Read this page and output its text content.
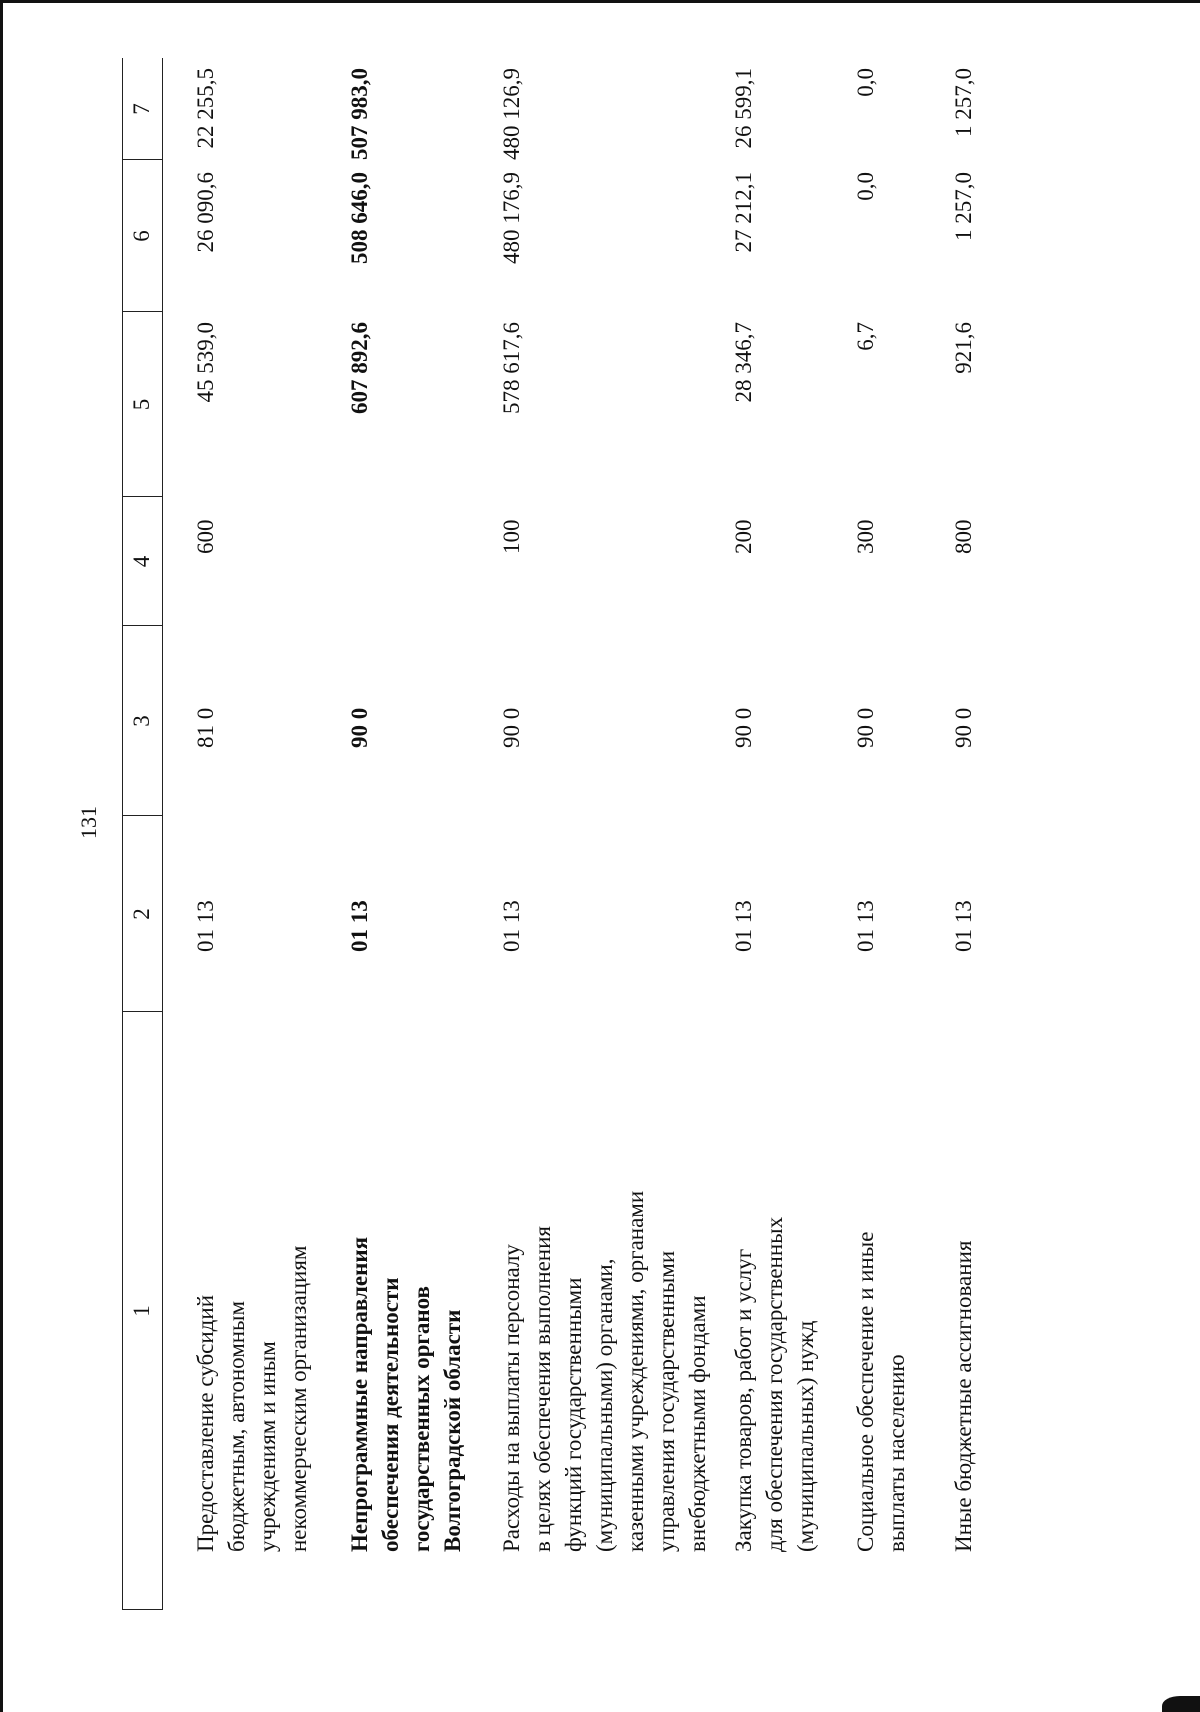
131
1
2
3
4
5
6
7
Предоставление субсидий
бюджетным, автономным
учреждениям и иным
некоммерческим организациям
01 13
81 0
600
Непрограммные направления
обеспечения деятельности
государственных органов
Волгоградской области
01 13
90 0
Расходы на выплаты персоналу
в целях обеспечения выполнения
функций государственными
(муниципальными) органами,
казенными учреждениями, органами
управления государственными
внебюджетными фондами
01 13
90 0
100
Закупка товаров, работ и услуг
для обеспечения государственных
(муниципальных) нужд
01 13
90 0
200
Социальное обеспечение и иные
выплаты населению
01 13
90 0
300
Иные бюджетные ассигнования
01 13
90 0
800
45 539,0
26 090,6
22 255,5
607 892,6
508 646,0
507 983,0
578 617,6
480 176,9
480 126,9
28 346,7
27 212,1
26 599,1
6,7
0,0
0,0
921,6
1 257,0
1 257,0
